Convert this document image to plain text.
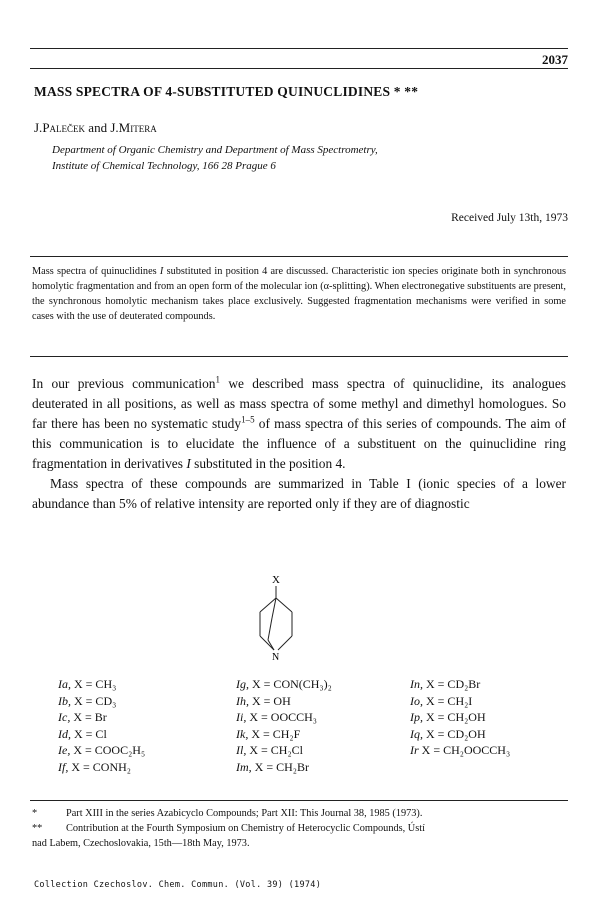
2037
MASS SPECTRA OF 4-SUBSTITUTED QUINUCLIDINES * **
J.Paleček and J.Mitera
Department of Organic Chemistry and Department of Mass Spectrometry,
Institute of Chemical Technology, 166 28 Prague 6
Received July 13th, 1973
Mass spectra of quinuclidines I substituted in position 4 are discussed. Characteristic ion species originate both in synchronous homolytic fragmentation and from an open form of the molecular ion (α-splitting). When electronegative substituents are present, the synchronous homolytic mechanism takes place exclusively. Suggested fragmentation mechanisms were verified in some cases with the use of deuterated compounds.

In our previous communication$^1$ we described mass spectra of quinuclidine, its analogues deuterated in all positions, as well as mass spectra of some methyl and dimethyl homologues. So far there has been no systematic study$^{1-5}$ of mass spectra of this series of compounds. The aim of this communication is to elucidate the influence of a substituent on the quinuclidine ring fragmentation in derivatives I substituted in the position 4.

Mass spectra of these compounds are summarized in Table I (ionic species of a lower abundance than 5% of relative intensity are reported only if they are of diagnostic

X
N
Ia, X = CH₃
Ib, X = CD₃
Ic, X = Br
Id, X = Cl
Ie, X = COOC₂H₅
If, X = CONH₂
Ig, X = CON(CH₃)₂
Ih, X = OH
Ii, X = OOCCH₃
Ik, X = CH₂F
Il, X = CH₂Cl
Im, X = CH₂Br
In, X = CD₂Br
Io, X = CH₂I
Ip, X = CH₂OH
Iq, X = CD₂OH
Ir X = CH₂OOCCH₃
*	Part XIII in the series Azabicyclo Compounds; Part XII: This Journal 38, 1985 (1973).
** Contribution at the Fourth Symposium on Chemistry of Heterocyclic Compounds, Ústí
nad Labem, Czechoslovakia, 15th—18th May, 1973.
Collection Czechoslov. Chem. Commun. (Vol. 39) (1974)
